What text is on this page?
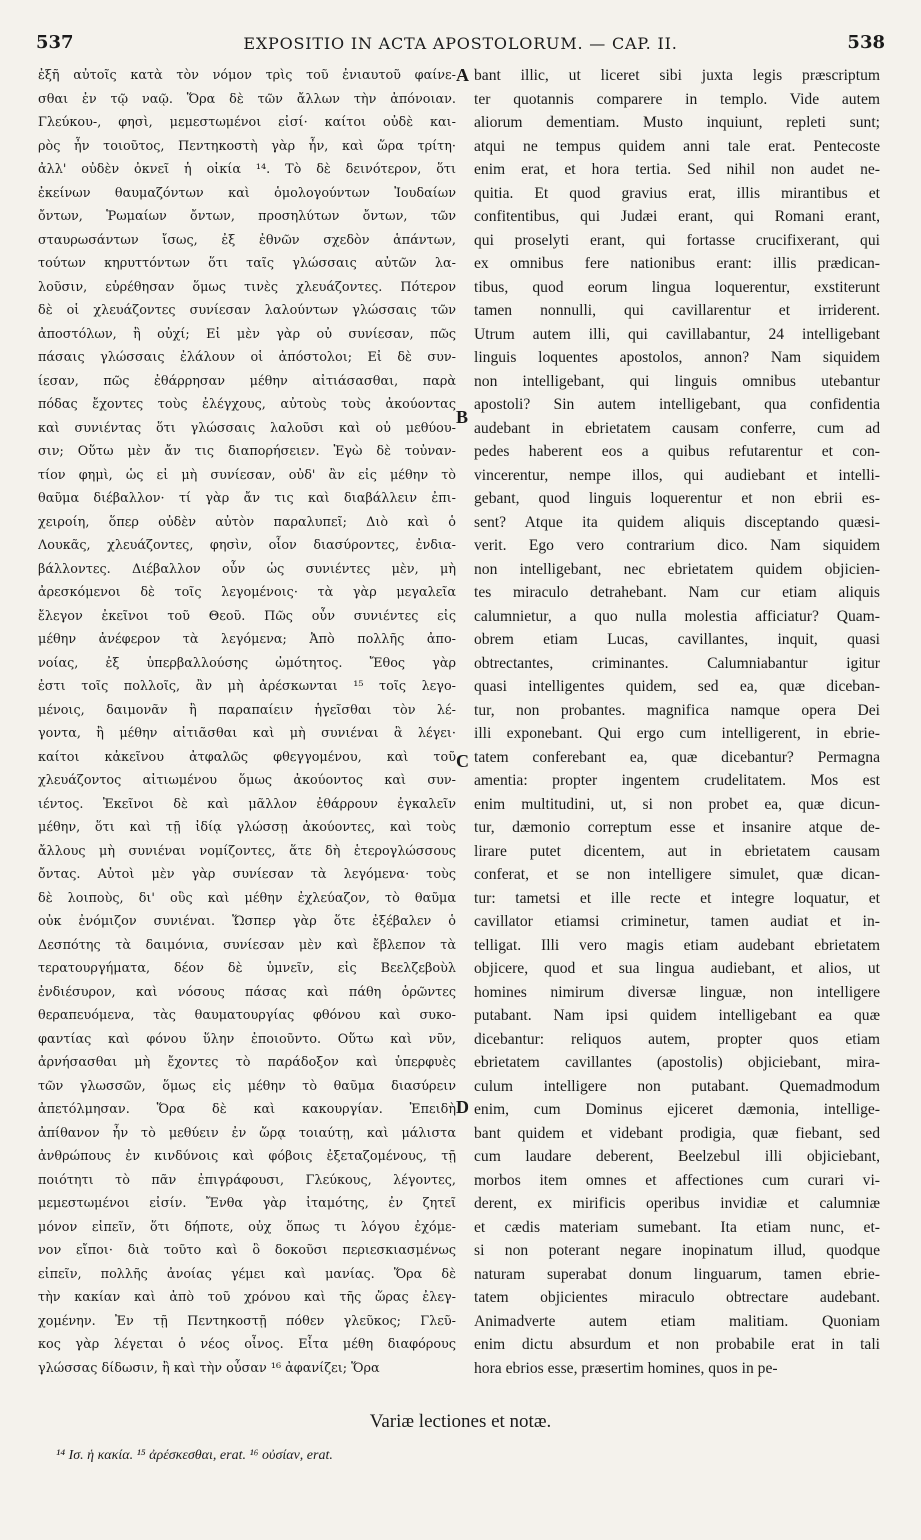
537	EXPOSITIO IN ACTA APOSTOLORUM. — CAP. II.	538
ἐξῆ αὐτοῖς κατὰ τὸν νόμον τρὶς τοῦ ἐνιαυτοῦ φαίνε-
σθαι ἐν τῷ ναῷ. Ὅρα δὲ τῶν ἄλλων τὴν ἀπόνοιαν.
Γλεύκου-, φησὶ, μεμεστωμένοι εἰσί· καίτοι οὐδὲ και-
ρὸς ἦν τοιοῦτος, Πεντηκοστὴ γὰρ ἦν, καὶ ὥρα τρίτη·
ἀλλ' οὐδὲν ὀκνεῖ ἡ οἰκία ¹⁴. Τὸ δὲ δεινότερον, ὅτι
ἐκείνων θαυμαζόντων καὶ ὁμολογούντων Ἰουδαίων
ὄντων, Ῥωμαίων ὄντων, προσηλύτων ὄντων, τῶν
σταυρωσάντων ἴσως, ἐξ ἐθνῶν σχεδὸν ἁπάντων,
τούτων κηρυττόντων ὅτι ταῖς γλώσσαις αὐτῶν λα-
λοῦσιν, εὑρέθησαν ὅμως τινὲς χλευάζοντες. Πότερον
δὲ οἱ χλευάζοντες συνίεσαν λαλούντων γλώσσαις τῶν
ἀποστόλων, ἢ οὐχί; Εἰ μὲν γὰρ οὐ συνίεσαν, πῶς
πάσαις γλώσσαις ἐλάλουν οἱ ἀπόστολοι; Εἰ δὲ συν-
ίεσαν, πῶς ἐθάρρησαν μέθην αἰτιάσασθαι, παρὰ
πόδας ἔχοντες τοὺς ἐλέγχους, αὐτοὺς τοὺς ἀκούοντας
καὶ συνιέντας ὅτι γλώσσαις λαλοῦσι καὶ οὐ μεθύου-
σιν; Οὕτω μὲν ἄν τις διαπορήσειεν. Ἐγὼ δὲ τοὐναν-
τίον φημὶ, ὡς εἰ μὴ συνίεσαν, οὐδ' ἂν εἰς μέθην τὸ
θαῦμα διέβαλλον· τί γὰρ ἄν τις καὶ διαβάλλειν ἐπι-
χειροίη, ὅπερ οὐδὲν αὐτὸν παραλυπεῖ; Διὸ καὶ ὁ
Λουκᾶς, χλευάζοντες, φησὶν, οἷον διασύροντες, ἐνδια-
βάλλοντες. Διέβαλλον οὖν ὡς συνιέντες μὲν, μὴ
ἀρεσκόμενοι δὲ τοῖς λεγομένοις· τὰ γὰρ μεγαλεῖα
ἔλεγον ἐκεῖνοι τοῦ Θεοῦ. Πῶς οὖν συνιέντες εἰς
μέθην ἀνέφερον τὰ λεγόμενα; Ἀπὸ πολλῆς ἀπο-
νοίας, ἐξ ὑπερβαλλούσης ὠμότητος. Ἔθος γὰρ
ἐστι τοῖς πολλοῖς, ἂν μὴ ἀρέσκωνται ¹⁵ τοῖς λεγο-
μένοις, δαιμονᾶν ἢ παραπαίειν ἡγεῖσθαι τὸν λέ-
γοντα, ἢ μέθην αἰτιᾶσθαι καὶ μὴ συνιέναι ἃ λέγει·
καίτοι κἀκεῖνου ἀτφαλῶς φθεγγομένου, καὶ τοῦ
χλευάζοντος αἰτιωμένου ὅμως ἀκούοντος καὶ συν-
ιέντος. Ἐκεῖνοι δὲ καὶ μᾶλλον ἐθάρρουν ἐγκαλεῖν
μέθην, ὅτι καὶ τῇ ἰδίᾳ γλώσσῃ ἀκούοντες, καὶ τοὺς
ἄλλους μὴ συνιέναι νομίζοντες, ἅτε δὴ ἑτερογλώσσους
ὄντας. Αὐτοὶ μὲν γὰρ συνίεσαν τὰ λεγόμενα· τοὺς
δὲ λοιποὺς, δι' οὓς καὶ μέθην ἐχλεύαζον, τὸ θαῦμα
οὐκ ἐνόμιζον συνιέναι. Ὥσπερ γὰρ ὅτε ἐξέβαλεν ὁ
Δεσπότης τὰ δαιμόνια, συνίεσαν μὲν καὶ ἔβλεπον τὰ
τερατουργήματα, δέον δὲ ὑμνεῖν, εἰς Βεελζεβοὺλ
ἐνδιέσυρον, καὶ νόσους πάσας καὶ πάθη ὁρῶντες
θεραπευόμενα, τὰς θαυματουργίας φθόνου καὶ συκο-
φαντίας καὶ φόνου ὕλην ἐποιοῦντο. Οὕτω καὶ νῦν,
ἀρνήσασθαι μὴ ἔχοντες τὸ παράδοξον καὶ ὑπερφυὲς
τῶν γλωσσῶν, ὅμως εἰς μέθην τὸ θαῦμα διασύρειν
ἀπετόλμησαν. Ὅρα δὲ καὶ κακουργίαν. Ἐπειδὴ
ἀπίθανον ἦν τὸ μεθύειν ἐν ὥρᾳ τοιαύτῃ, καὶ μάλιστα
ἀνθρώπους ἐν κινδύνοις καὶ φόβοις ἐξεταζομένους, τῇ
ποιότητι τὸ πᾶν ἐπιγράφουσι, Γλεύκους, λέγοντες,
μεμεστωμένοι εἰσίν. Ἔνθα γὰρ ἰταμότης, ἐν ζητεῖ
μόνον εἰπεῖν, ὅτι δήποτε, οὐχ ὅπως τι λόγου ἐχόμε-
νον εἴποι· διὰ τοῦτο καὶ ὃ δοκοῦσι περιεσκιασμένως
εἰπεῖν, πολλῆς ἀνοίας γέμει καὶ μανίας. Ὅρα δὲ
τὴν κακίαν καὶ ἀπὸ τοῦ χρόνου καὶ τῆς ὥρας ἐλεγ-
χομένην. Ἐν τῇ Πεντηκοστῇ πόθεν γλεῦκος; Γλεῦ-
κος γὰρ λέγεται ὁ νέος οἶνος. Εἶτα μέθη διαφόρους
γλώσσας δίδωσιν, ἢ καὶ τὴν οὖσαν ¹⁶ ἀφανίζει; Ὅρα
bant illic, ut liceret sibi juxta legis præscriptum
ter quotannis comparere in templo. Vide autem
aliorum dementiam. Musto inquiunt, repleti sunt;
atqui ne tempus quidem anni tale erat. Pentecoste
enim erat, et hora tertia. Sed nihil non audet ne-
quitia. Et quod gravius erat, illis mirantibus et
confitentibus, qui Judæi erant, qui Romani erant,
qui proselyti erant, qui fortasse crucifixerant, qui
ex omnibus fere nationibus erant: illis prædican-
tibus, quod eorum lingua loquerentur, exstiterunt
tamen nonnulli, qui cavillarentur et irriderent.
Utrum autem illi, qui cavillabantur, 24 intelligebant
linguis loquentes apostolos, annon? Nam siquidem
non intelligebant, qui linguis omnibus utebantur
apostoli? Sin autem intelligebant, qua confidentia
audebant in ebrietatem causam conferre, cum ad
pedes haberent eos a quibus refutarentur et con-
vincerentur, nempe illos, qui audiebant et intelli-
gebant, quod linguis loquerentur et non ebrii es-
sent? Atque ita quidem aliquis disceptando quæsi-
verit. Ego vero contrarium dico. Nam siquidem
non intelligebant, nec ebrietatem quidem objicien-
tes miraculo detrahebant. Nam cur etiam aliquis
calumnietur, a quo nulla molestia afficiatur? Quam-
obrem etiam Lucas, cavillantes, inquit, quasi
obtrectantes, criminantes. Calumniabantur igitur
quasi intelligentes quidem, sed ea, quæ diceban-
tur, non probantes. magnifica namque opera Dei
illi exponebant. Qui ergo cum intelligerent, in ebrie-
tatem conferebant ea, quæ dicebantur? Permagna
amentia: propter ingentem crudelitatem. Mos est
enim multitudini, ut, si non probet ea, quæ dicun-
tur, dæmonio correptum esse et insanire atque de-
lirare putet dicentem, aut in ebrietatem causam
conferat, et se non intelligere simulet, quæ dican-
tur: tametsi et ille recte et integre loquatur, et
cavillator etiamsi criminetur, tamen audiat et in-
telligat. Illi vero magis etiam audebant ebrietatem
objicere, quod et sua lingua audiebant, et alios, ut
homines nimirum diversæ linguæ, non intelligere
putabant. Nam ipsi quidem intelligebant ea quæ
dicebantur: reliquos autem, propter quos etiam
ebrietatem cavillantes (apostolis) objiciebant, mira-
culum intelligere non putabant. Quemadmodum
enim, cum Dominus ejiceret dæmonia, intellige-
bant quidem et videbant prodigia, quæ fiebant, sed
cum laudare deberent, Beelzebul illi objiciebant,
morbos item omnes et affectiones cum curari vi-
derent, ex mirificis operibus invidiæ et calumniæ
et cædis materiam sumebant. Ita etiam nunc, et-
si non poterant negare inopinatum illud, quodque
naturam superabat donum linguarum, tamen ebrie-
tatem objicientes miraculo obtrectare audebant.
Animadverte autem etiam malitiam. Quoniam
enim dictu absurdum et non probabile erat in tali
hora ebrios esse, præsertim homines, quos in pe-
A
B
C
D
Variæ lectiones et notæ.
¹⁴ Ισ. ἡ κακία. ¹⁵ ἀρέσκεσθαι, erat. ¹⁶ οὐσίαν, erat.
